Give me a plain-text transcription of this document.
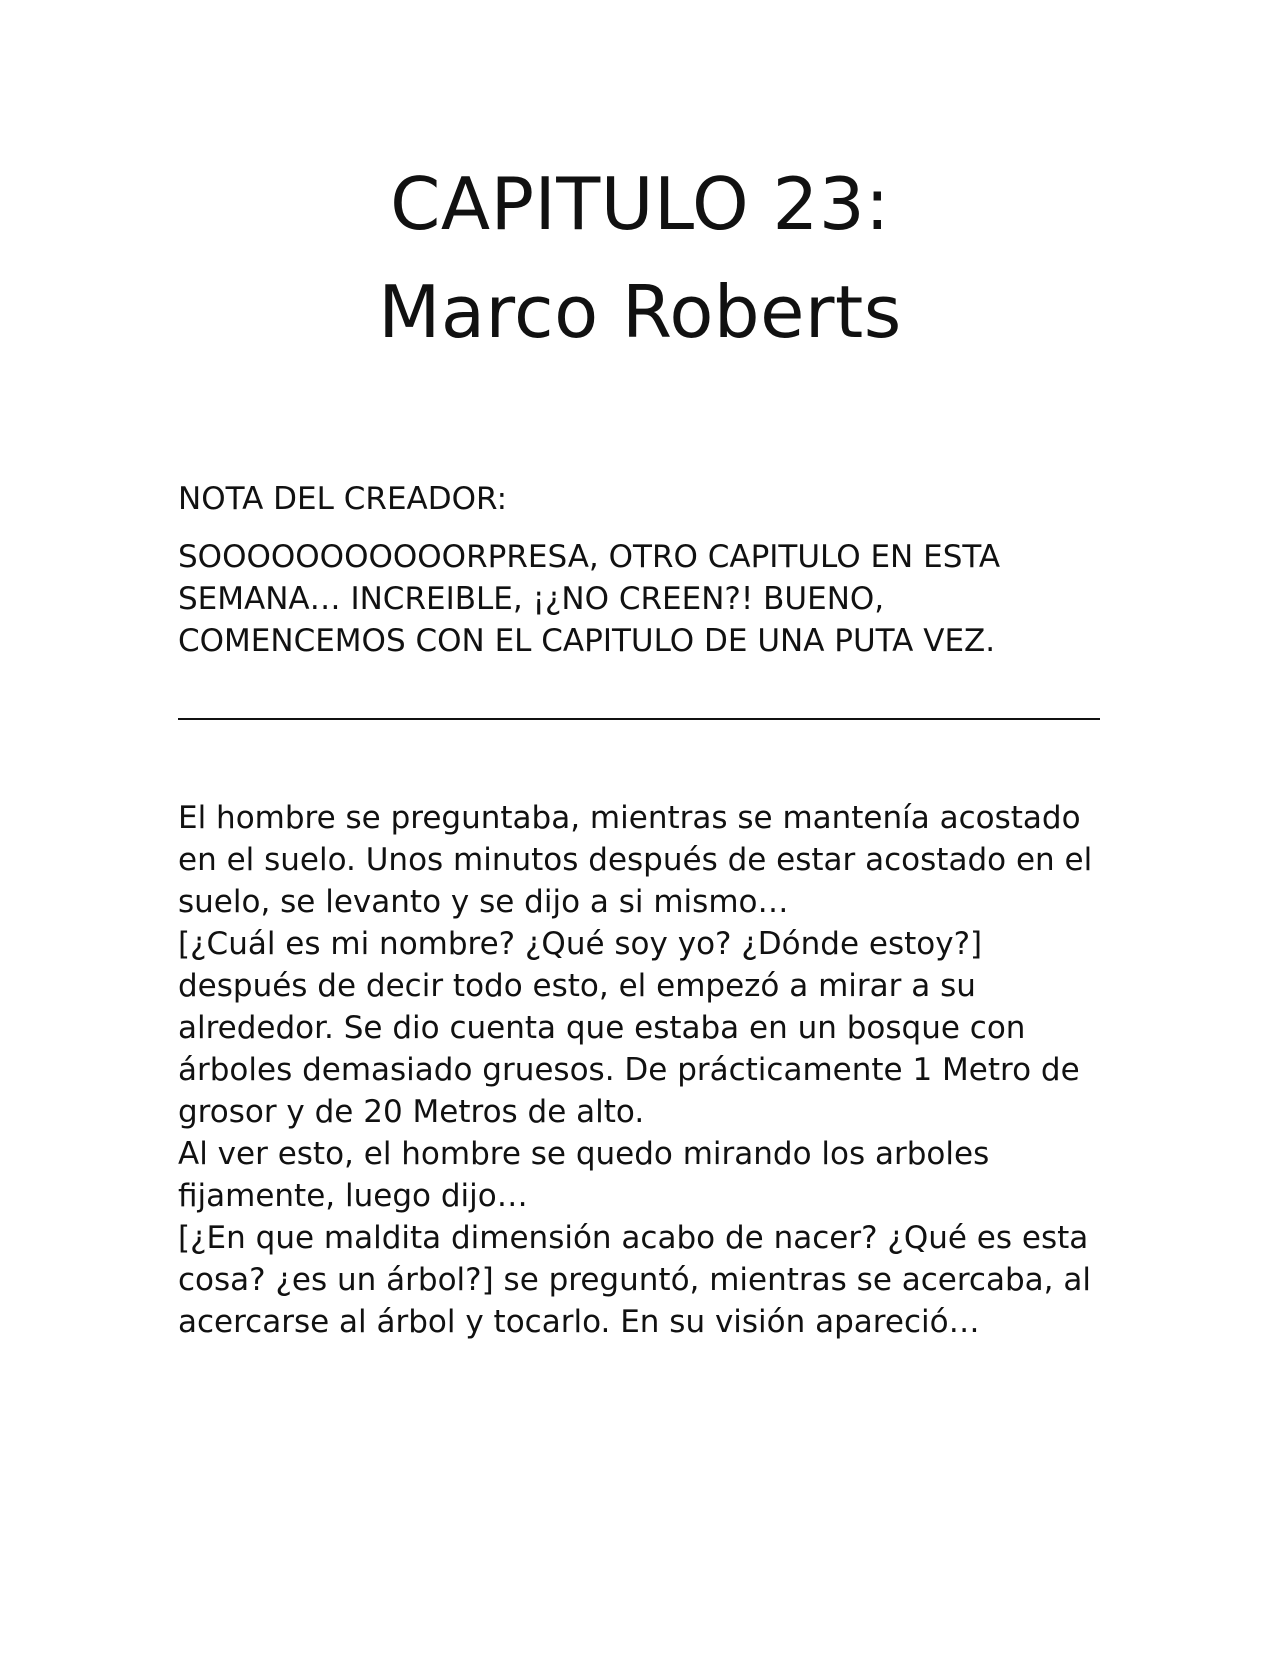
CAPITULO 23:
Marco Roberts

NOTA DEL CREADOR:

SOOOOOOOOOOORPRESA, OTRO CAPITULO EN ESTA SEMANA… INCREIBLE, ¡¿NO CREEN?! BUENO, COMENCEMOS CON EL CAPITULO DE UNA PUTA VEZ.

El hombre se preguntaba, mientras se mantenía acostado en el suelo. Unos minutos después de estar acostado en el suelo, se levanto y se dijo a si mismo…

[¿Cuál es mi nombre? ¿Qué soy yo? ¿Dónde estoy?] después de decir todo esto, el empezó a mirar a su alrededor. Se dio cuenta que estaba en un bosque con árboles demasiado gruesos. De prácticamente 1 Metro de grosor y de 20 Metros de alto.

Al ver esto, el hombre se quedo mirando los arboles fijamente, luego dijo…

[¿En que maldita dimensión acabo de nacer? ¿Qué es esta cosa? ¿es un árbol?] se preguntó, mientras se acercaba, al acercarse al árbol y tocarlo. En su visión apareció…
